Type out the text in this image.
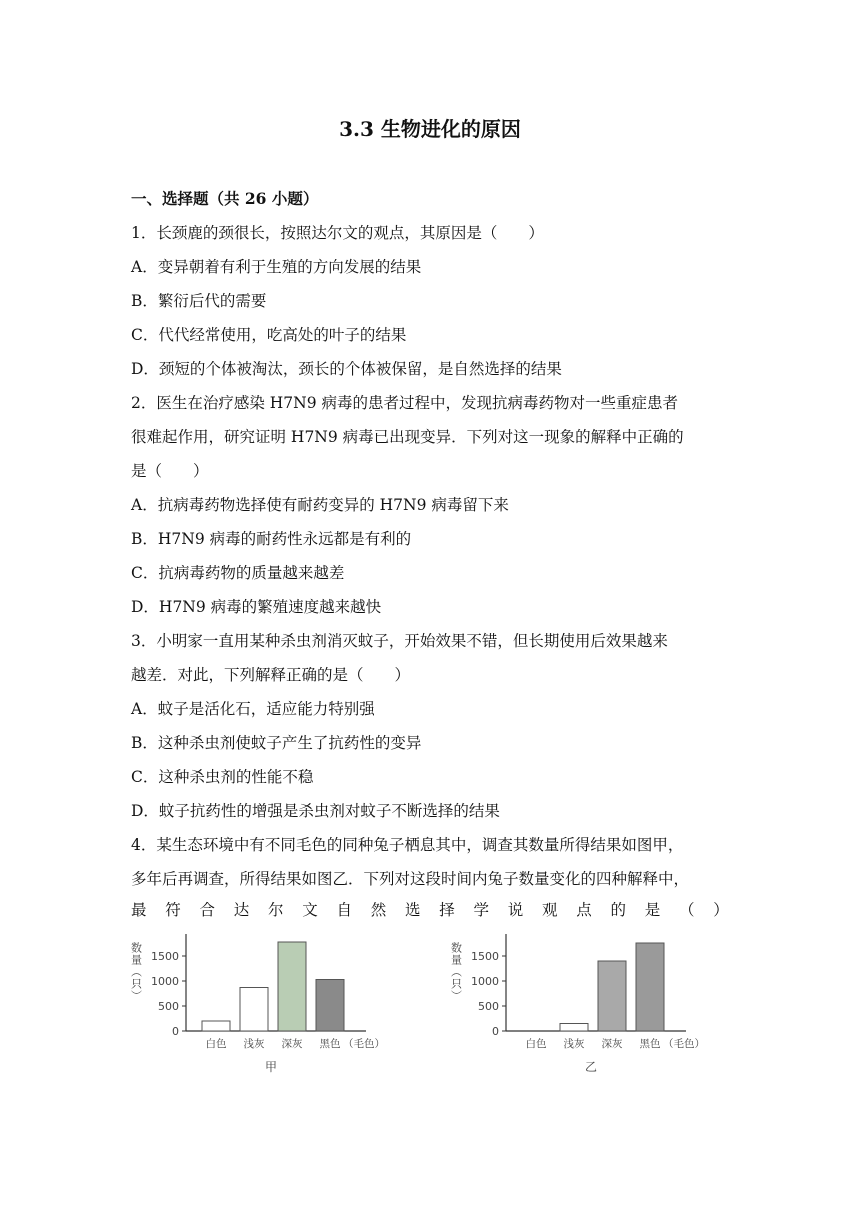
3.3 生物进化的原因
一、选择题（共 26 小题）
1．长颈鹿的颈很长，按照达尔文的观点，其原因是（　　）
A．变异朝着有利于生殖的方向发展的结果
B．繁衍后代的需要
C．代代经常使用，吃高处的叶子的结果
D．颈短的个体被淘汰，颈长的个体被保留，是自然选择的结果
2．医生在治疗感染 H7N9 病毒的患者过程中，发现抗病毒药物对一些重症患者
很难起作用，研究证明 H7N9 病毒已出现变异．下列对这一现象的解释中正确的
是（　　）
A．抗病毒药物选择使有耐药变异的 H7N9 病毒留下来
B．H7N9 病毒的耐药性永远都是有利的
C．抗病毒药物的质量越来越差
D．H7N9 病毒的繁殖速度越来越快
3．小明家一直用某种杀虫剂消灭蚊子，开始效果不错，但长期使用后效果越来
越差．对此，下列解释正确的是（　　）
A．蚊子是活化石，适应能力特别强
B．这种杀虫剂使蚊子产生了抗药性的变异
C．这种杀虫剂的性能不稳
D．蚊子抗药性的增强是杀虫剂对蚊子不断选择的结果
4．某生态环境中有不同毛色的同种兔子栖息其中，调查其数量所得结果如图甲，
多年后再调查，所得结果如图乙．下列对这段时间内兔子数量变化的四种解释中，
最 符 合 达 尔 文 自 然 选 择 学 说 观 点 的 是 （ ）
数量（只）
0
500
1000
1500
白色 浅灰 深灰 黑色 （毛色）
甲
数量（只）
0
500
1000
1500
白色 浅灰 深灰 黑色 （毛色）
乙
